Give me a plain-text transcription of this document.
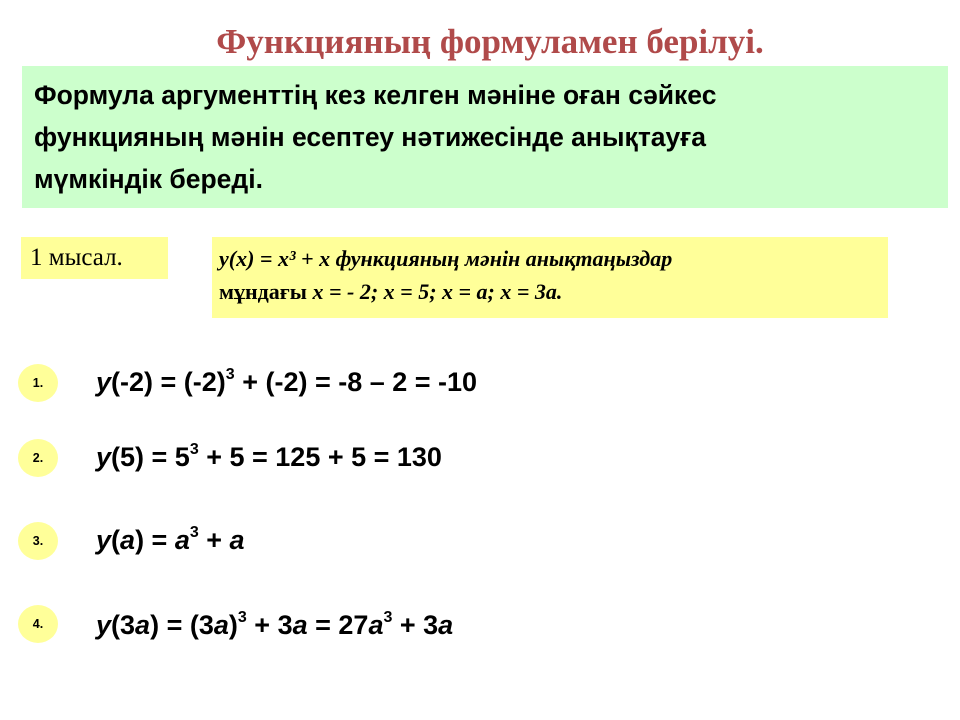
Функцияның формуламен берілуі.
Формула аргументтің кез келген мәніне оған сәйкес
функцияның мәнін есептеу нәтижесінде анықтауға
мүмкіндік береді.
1 мысал.	y(x) = x³ + x функцияның мәнін анықтаңыздар
мұндағы x = - 2; x = 5; x = a; x = 3a.
1.	$y(-2) = (-2)^3 + (-2) = -8 - 2 = -10$
2.	$y(5) = 5^3 + 5 = 125 + 5 = 130$
3.	$y(a) = a^3 + a$
4.	$y(3a) = (3a)^3 + 3a = 27a^3 + 3a$
